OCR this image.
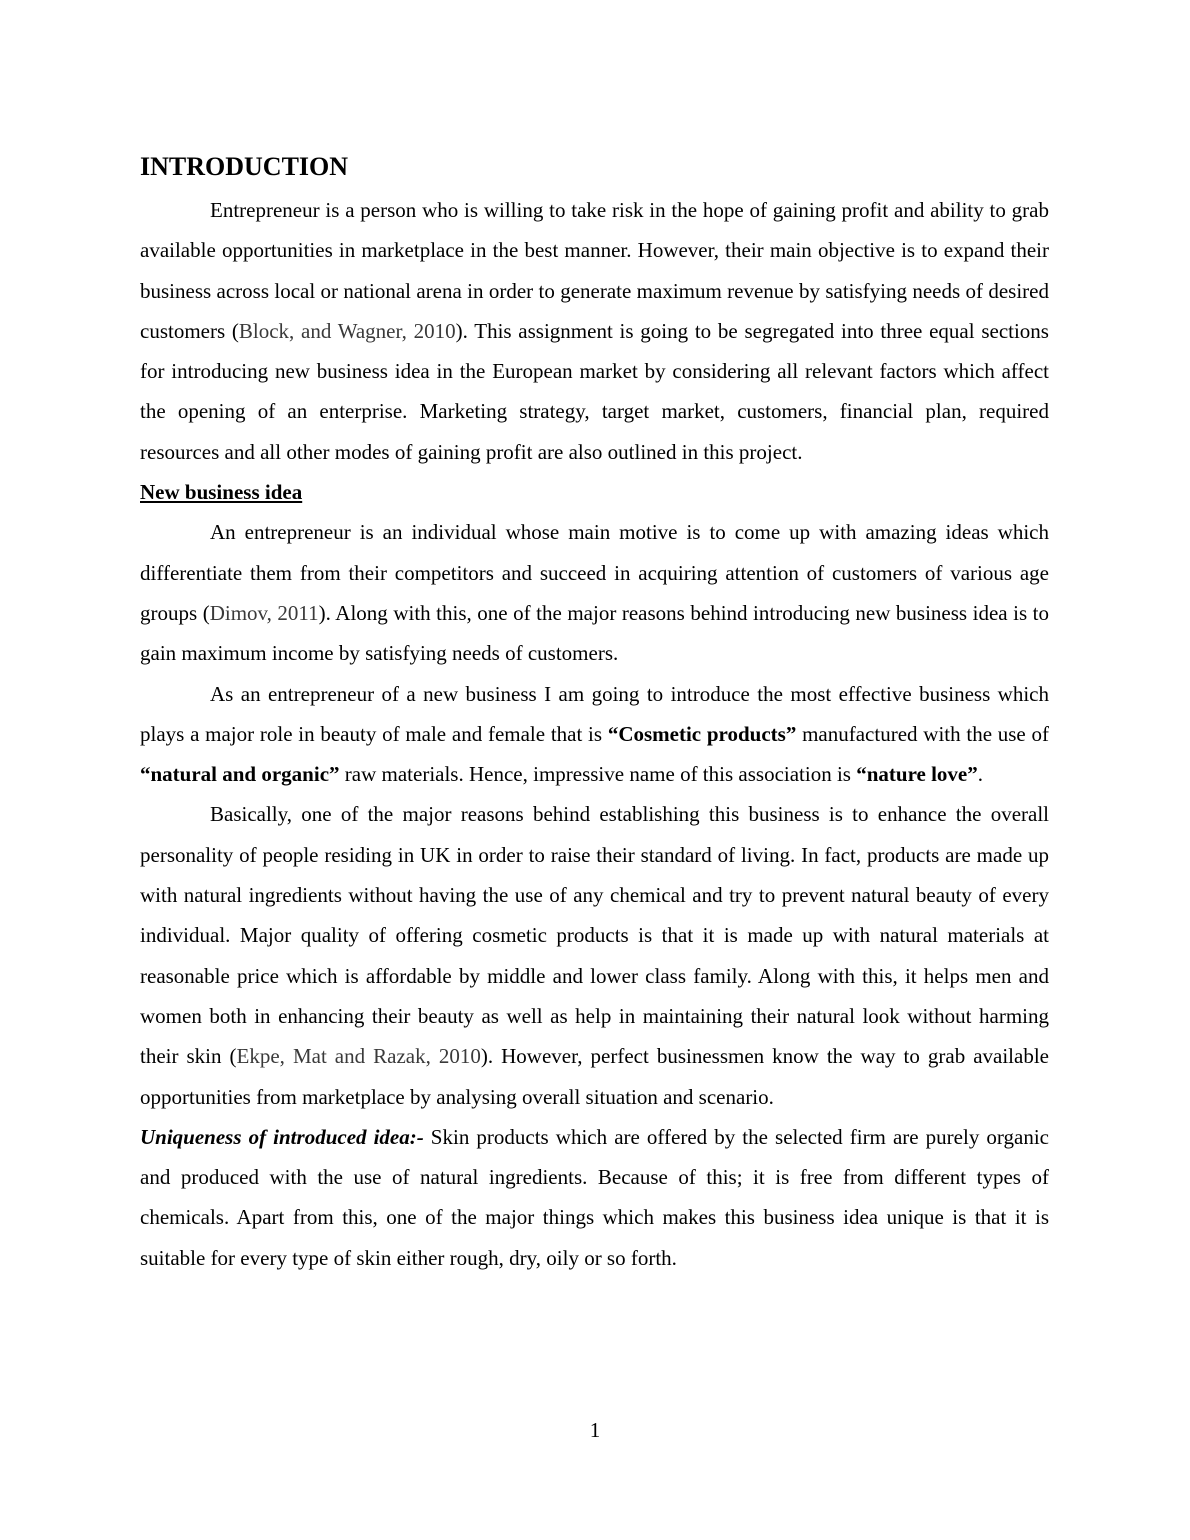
INTRODUCTION

Entrepreneur is a person who is willing to take risk in the hope of gaining profit and ability to grab available opportunities in marketplace in the best manner. However, their main objective is to expand their business across local or national arena in order to generate maximum revenue by satisfying needs of desired customers (Block, and Wagner, 2010). This assignment is going to be segregated into three equal sections for introducing new business idea in the European market by considering all relevant factors which affect the opening of an enterprise. Marketing strategy, target market, customers, financial plan, required resources and all other modes of gaining profit are also outlined in this project.

New business idea

An entrepreneur is an individual whose main motive is to come up with amazing ideas which differentiate them from their competitors and succeed in acquiring attention of customers of various age groups (Dimov, 2011). Along with this, one of the major reasons behind introducing new business idea is to gain maximum income by satisfying needs of customers.

As an entrepreneur of a new business I am going to introduce the most effective business which plays a major role in beauty of male and female that is “Cosmetic products” manufactured with the use of “natural and organic” raw materials. Hence, impressive name of this association is “nature love”.

Basically, one of the major reasons behind establishing this business is to enhance the overall personality of people residing in UK in order to raise their standard of living. In fact, products are made up with natural ingredients without having the use of any chemical and try to prevent natural beauty of every individual. Major quality of offering cosmetic products is that it is made up with natural materials at reasonable price which is affordable by middle and lower class family. Along with this, it helps men and women both in enhancing their beauty as well as help in maintaining their natural look without harming their skin (Ekpe, Mat and Razak, 2010). However, perfect businessmen know the way to grab available opportunities from marketplace by analysing overall situation and scenario.

Uniqueness of introduced idea:- Skin products which are offered by the selected firm are purely organic and produced with the use of natural ingredients. Because of this; it is free from different types of chemicals. Apart from this, one of the major things which makes this business idea unique is that it is suitable for every type of skin either rough, dry, oily or so forth.

1
